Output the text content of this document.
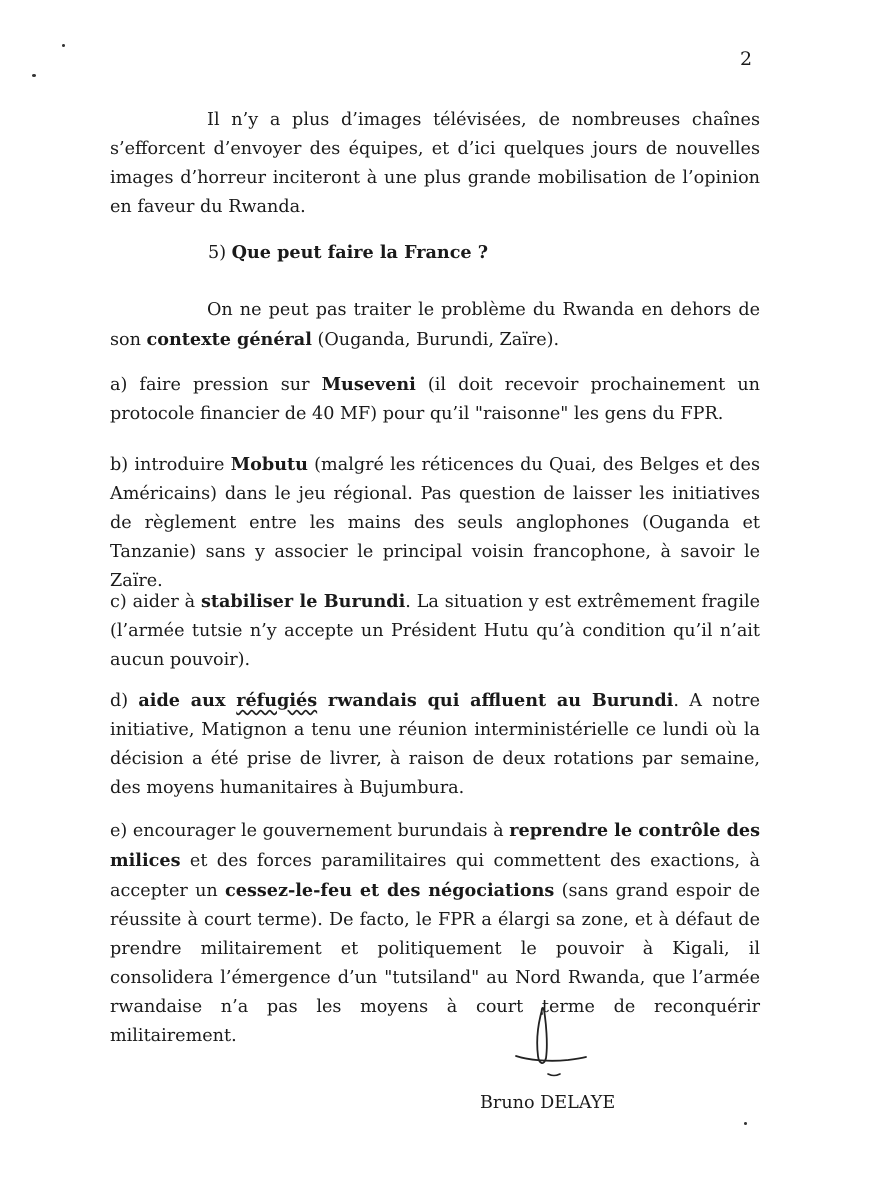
2

Il n’y a plus d’images télévisées, de nombreuses chaînes s’efforcent d’envoyer des équipes, et d’ici quelques jours de nouvelles images d’horreur inciteront à une plus grande mobilisation de l’opinion en faveur du Rwanda.

5) Que peut faire la France ?

On ne peut pas traiter le problème du Rwanda en dehors de son contexte général (Ouganda, Burundi, Zaïre).

a) faire pression sur Museveni (il doit recevoir prochainement un protocole financier de 40 MF) pour qu’il "raisonne" les gens du FPR.

b) introduire Mobutu (malgré les réticences du Quai, des Belges et des Américains) dans le jeu régional. Pas question de laisser les initiatives de règlement entre les mains des seuls anglophones (Ouganda et Tanzanie) sans y associer le principal voisin francophone, à savoir le Zaïre.

c) aider à stabiliser le Burundi. La situation y est extrêmement fragile (l’armée tutsie n’y accepte un Président Hutu qu’à condition qu’il n’ait aucun pouvoir).

d) aide aux réfugiés rwandais qui affluent au Burundi. A notre initiative, Matignon a tenu une réunion interministérielle ce lundi où la décision a été prise de livrer, à raison de deux rotations par semaine, des moyens humanitaires à Bujumbura.

e) encourager le gouvernement burundais à reprendre le contrôle des milices et des forces paramilitaires qui commettent des exactions, à accepter un cessez-le-feu et des négociations (sans grand espoir de réussite à court terme). De facto, le FPR a élargi sa zone, et à défaut de prendre militairement et politiquement le pouvoir à Kigali, il consolidera l’émergence d’un "tutsiland" au Nord Rwanda, que l’armée rwandaise n’a pas les moyens à court terme de reconquérir militairement.

Bruno DELAYE
